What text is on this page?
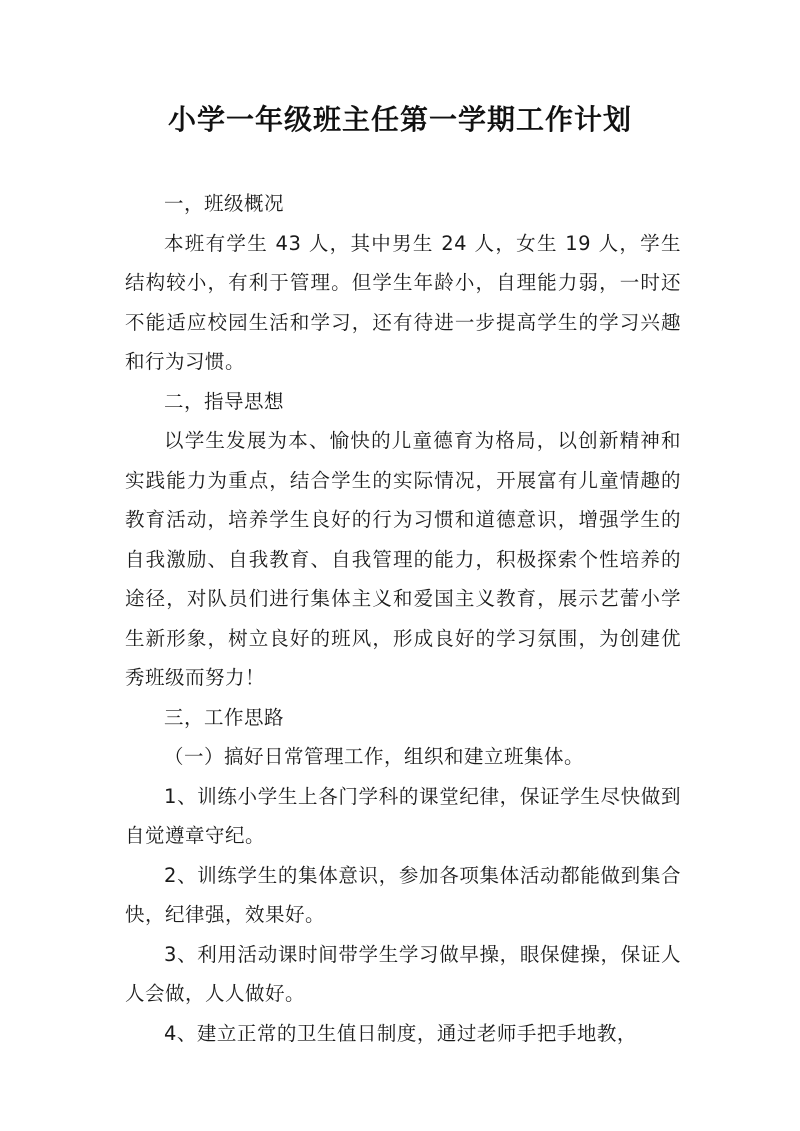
小学一年级班主任第一学期工作计划

一，班级概况

本班有学生 43 人，其中男生 24 人，女生 19 人，学生结构较小，有利于管理。但学生年龄小，自理能力弱，一时还不能适应校园生活和学习，还有待进一步提高学生的学习兴趣和行为习惯。

二，指导思想

以学生发展为本、愉快的儿童德育为格局，以创新精神和实践能力为重点，结合学生的实际情况，开展富有儿童情趣的教育活动，培养学生良好的行为习惯和道德意识，增强学生的自我激励、自我教育、自我管理的能力，积极探索个性培养的途径，对队员们进行集体主义和爱国主义教育，展示艺蕾小学生新形象，树立良好的班风，形成良好的学习氛围，为创建优秀班级而努力！

三，工作思路

（一）搞好日常管理工作，组织和建立班集体。

1、训练小学生上各门学科的课堂纪律，保证学生尽快做到自觉遵章守纪。

2、训练学生的集体意识，参加各项集体活动都能做到集合快，纪律强，效果好。

3、利用活动课时间带学生学习做早操，眼保健操，保证人人会做，人人做好。

4、建立正常的卫生值日制度，通过老师手把手地教，
